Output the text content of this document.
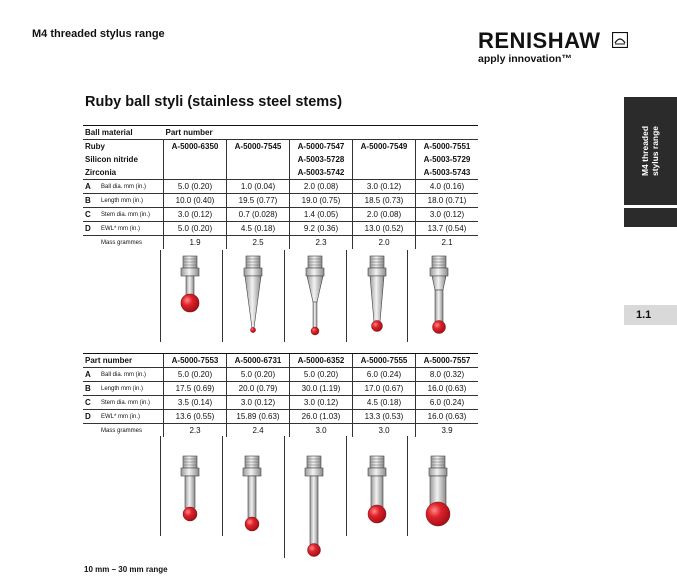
M4 threaded stylus range	RENISHAW
apply innovation™
Ruby ball styli (stainless steel stems)
M4 threaded
stylus range
1.1
Ball material		Part number				
Ruby		A-5000-6350	A-5000-7545	A-5000-7547	A-5000-7549	A-5000-7551
Silicon nitride				A-5003-5728		A-5003-5729
Zirconia				A-5003-5742		A-5003-5743
A	Ball dia. mm (in.)	5.0 (0.20)	1.0 (0.04)	2.0 (0.08)	3.0 (0.12)	4.0 (0.16)
B	Length mm (in.)	10.0 (0.40)	19.5 (0.77)	19.0 (0.75)	18.5 (0.73)	18.0 (0.71)
C	Stem dia. mm (in.)	3.0 (0.12)	0.7 (0.028)	1.4 (0.05)	2.0 (0.08)	3.0 (0.12)
D	EWL* mm (in.)	5.0 (0.20)	4.5 (0.18)	9.2 (0.36)	13.0 (0.52)	13.7 (0.54)
	Mass grammes	1.9	2.5	2.3	2.0	2.1
Part number		A-5000-7553	A-5000-6731	A-5000-6352	A-5000-7555	A-5000-7557
A	Ball dia. mm (in.)	5.0 (0.20)	5.0 (0.20)	5.0 (0.20)	6.0 (0.24)	8.0 (0.32)
B	Length mm (in.)	17.5 (0.69)	20.0 (0.79)	30.0 (1.19)	17.0 (0.67)	16.0 (0.63)
C	Stem dia. mm (in.)	3.5 (0.14)	3.0 (0.12)	3.0 (0.12)	4.5 (0.18)	6.0 (0.24)
D	EWL* mm (in.)	13.6 (0.55)	15.89 (0.63)	26.0 (1.03)	13.3 (0.53)	16.0 (0.63)
	Mass grammes	2.3	2.4	3.0	3.0	3.9
10 mm – 30 mm range
